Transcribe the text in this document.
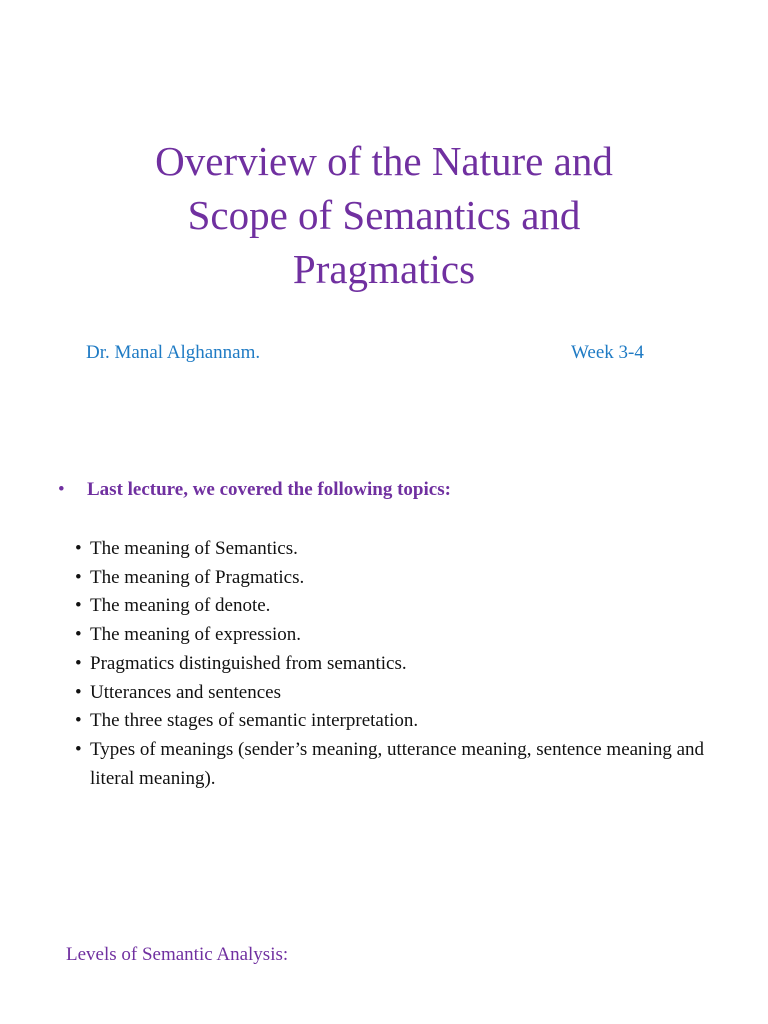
Overview of the Nature and
Scope of Semantics and
Pragmatics
Dr. Manal Alghannam.	Week 3-4
• Last lecture, we covered the following topics:
• The meaning of Semantics.
• The meaning of Pragmatics.
• The meaning of denote.
• The meaning of expression.
• Pragmatics distinguished from semantics.
• Utterances and sentences
• The three stages of semantic interpretation.
• Types of meanings (sender’s meaning, utterance meaning, sentence meaning and literal meaning).
Levels of Semantic Analysis:
